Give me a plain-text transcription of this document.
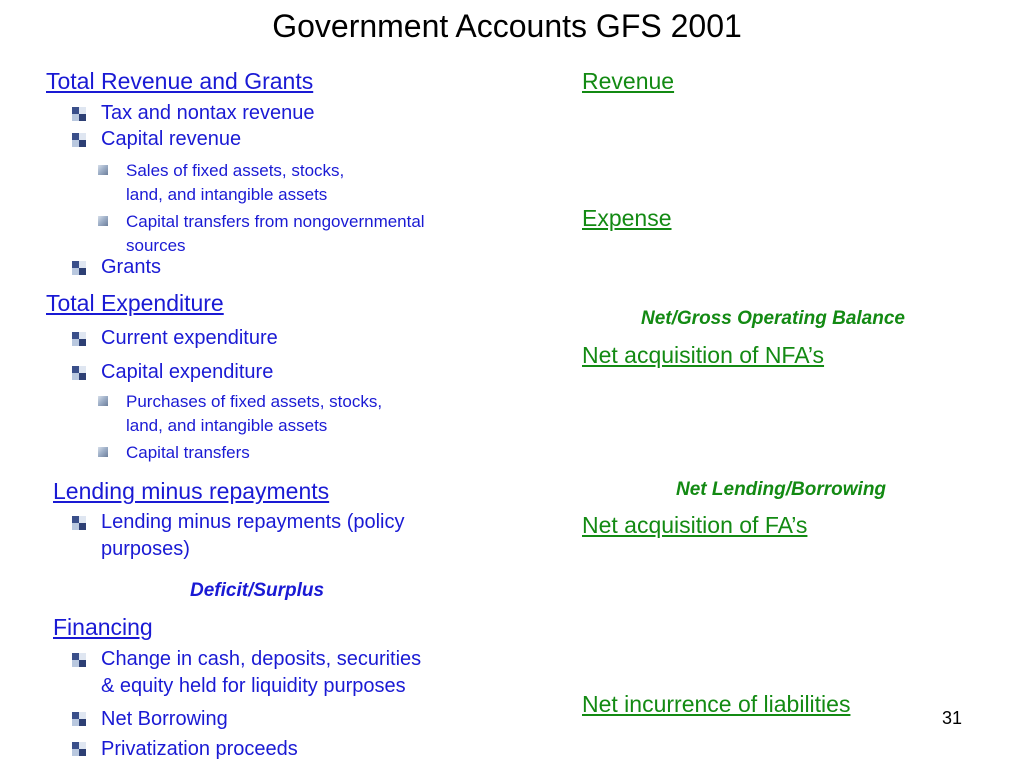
Government Accounts GFS 2001
Total Revenue and Grants
Tax and nontax revenue
Capital revenue
Sales of fixed assets, stocks,
land, and intangible assets
Capital transfers from nongovernmental
sources
Grants
Total Expenditure
Current expenditure
Capital expenditure
Purchases of fixed assets, stocks,
land, and intangible assets
Capital transfers
Lending minus repayments
Lending minus repayments (policy
purposes)
Deficit/Surplus
Financing
Change in cash, deposits, securities
& equity held for liquidity purposes
Net Borrowing
Privatization proceeds
Revenue
Expense
Net/Gross Operating Balance
Net acquisition of NFA’s
Net Lending/Borrowing
Net acquisition of FA’s
Net incurrence of liabilities
31
